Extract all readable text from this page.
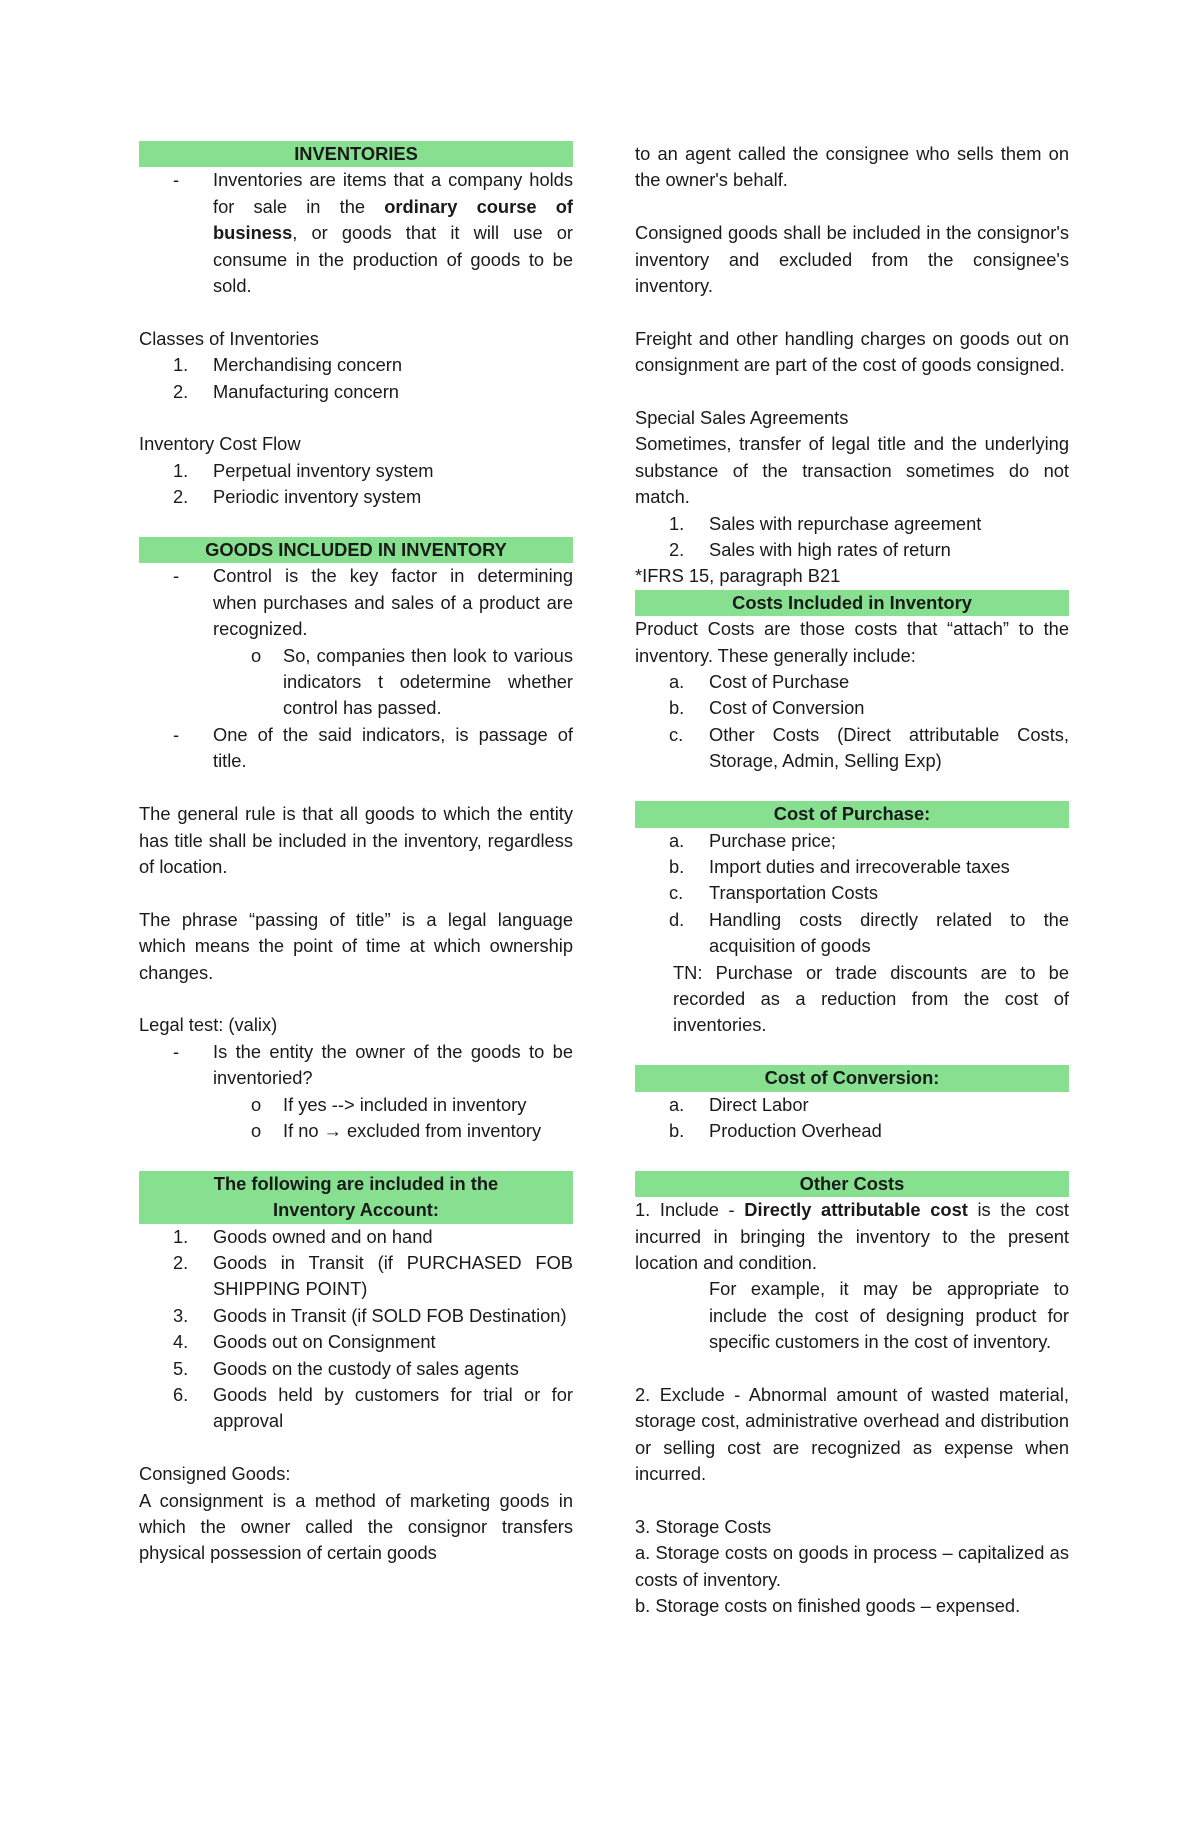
INVENTORIES
-	Inventories are items that a company holds for sale in the ordinary course of business, or goods that it will use or consume in the production of goods to be sold.

Classes of Inventories

1.	Merchandising concern
2.	Manufacturing concern

Inventory Cost Flow

1.	Perpetual inventory system
2.	Periodic inventory system
GOODS INCLUDED IN INVENTORY
-	Control is the key factor in determining when purchases and sales of a product are recognized.
o	So, companies then look to various indicators t odetermine whether control has passed.
-	One of the said indicators, is passage of title.

The general rule is that all goods to which the entity has title shall be included in the inventory, regardless of location.

The phrase “passing of title” is a legal language which means the point of time at which ownership changes.

Legal test: (valix)

-	Is the entity the owner of the goods to be inventoried?
o	If yes --> included in inventory
o	If no → excluded from inventory
The following are included in the
Inventory Account:
1.	Goods owned and on hand
2.	Goods in Transit (if PURCHASED FOB SHIPPING POINT)
3.	Goods in Transit (if SOLD FOB Destination)
4.	Goods out on Consignment
5.	Goods on the custody of sales agents
6.	Goods held by customers for trial or for approval

Consigned Goods:

A consignment is a method of marketing goods in which the owner called the consignor transfers physical possession of certain goods

to an agent called the consignee who sells them on the owner's behalf.

Consigned goods shall be included in the consignor's inventory and excluded from the consignee's inventory.

Freight and other handling charges on goods out on consignment are part of the cost of goods consigned.

Special Sales Agreements

Sometimes, transfer of legal title and the underlying substance of the transaction sometimes do not match.

1.	Sales with repurchase agreement
2.	Sales with high rates of return

*IFRS 15, paragraph B21

Costs Included in Inventory

Product Costs are those costs that “attach” to the inventory. These generally include:

a.	Cost of Purchase
b.	Cost of Conversion
c.	Other Costs (Direct attributable Costs, Storage, Admin, Selling Exp)
Cost of Purchase:
a.	Purchase price;
b.	Import duties and irrecoverable taxes
c.	Transportation Costs
d.	Handling costs directly related to the acquisition of goods

TN: Purchase or trade discounts are to be recorded as a reduction from the cost of inventories.

Cost of Conversion:
a.	Direct Labor
b.	Production Overhead
Other Costs

1. Include - Directly attributable cost is the cost incurred in bringing the inventory to the present location and condition.

For example, it may be appropriate to include the cost of designing product for specific customers in the cost of inventory.

2. Exclude - Abnormal amount of wasted material, storage cost, administrative overhead and distribution or selling cost are recognized as expense when incurred.

3. Storage Costs

a. Storage costs on goods in process – capitalized as costs of inventory.

b. Storage costs on finished goods – expensed.
